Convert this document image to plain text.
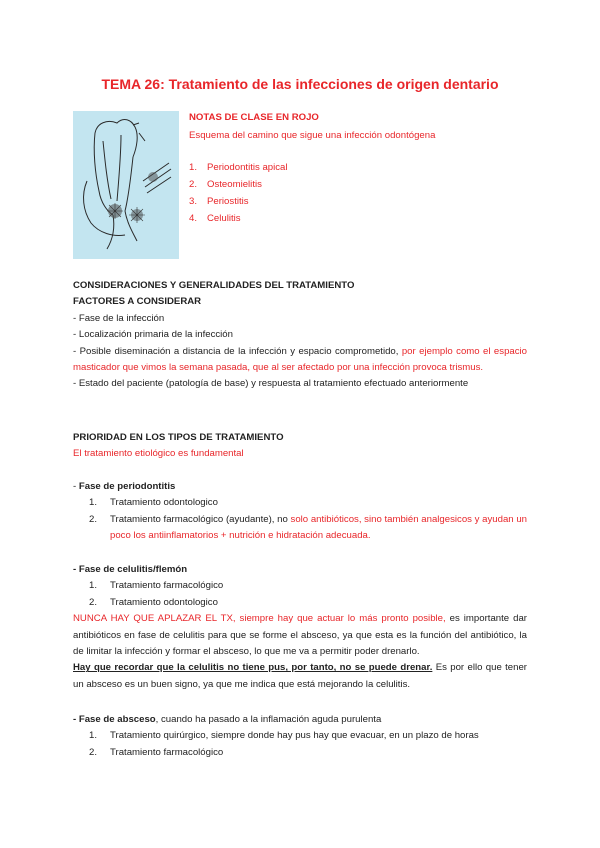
TEMA 26: Tratamiento de las infecciones de origen dentario
NOTAS DE CLASE EN ROJO
Esquema del camino que sigue una infección odontógena
1. Periodontitis apical
2. Osteomielitis
3. Periostitis
4. Celulitis
CONSIDERACIONES Y GENERALIDADES DEL TRATAMIENTO
FACTORES A CONSIDERAR
- Fase de la infección
- Localización primaria de la infección
- Posible diseminación a distancia de la infección y espacio comprometido, por ejemplo como el espacio masticador que vimos la semana pasada, que al ser afectado por una infección provoca trismus.
- Estado del paciente (patología de base) y respuesta al tratamiento efectuado anteriormente
PRIORIDAD EN LOS TIPOS DE TRATAMIENTO
El tratamiento etiológico es fundamental
- Fase de periodontitis
1. Tratamiento odontologico
2. Tratamiento farmacológico (ayudante), no solo antibióticos, sino también analgesicos y ayudan un poco los antiinflamatorios + nutrición e hidratación adecuada.
- Fase de celulitis/flemón
1. Tratamiento farmacológico
2. Tratamiento odontologico
NUNCA HAY QUE APLAZAR EL TX, siempre hay que actuar lo más pronto posible, es importante dar antibióticos en fase de celulitis para que se forme el absceso, ya que esta es la función del antibiótico, la de limitar la infección y formar el absceso, lo que me va a permitir poder drenarlo.
Hay que recordar que la celulitis no tiene pus, por tanto, no se puede drenar. Es por ello que tener un absceso es un buen signo, ya que me indica que está mejorando la celulitis.
- Fase de absceso, cuando ha pasado a la inflamación aguda purulenta
1. Tratamiento quirúrgico, siempre donde hay pus hay que evacuar, en un plazo de horas
2. Tratamiento farmacológico
